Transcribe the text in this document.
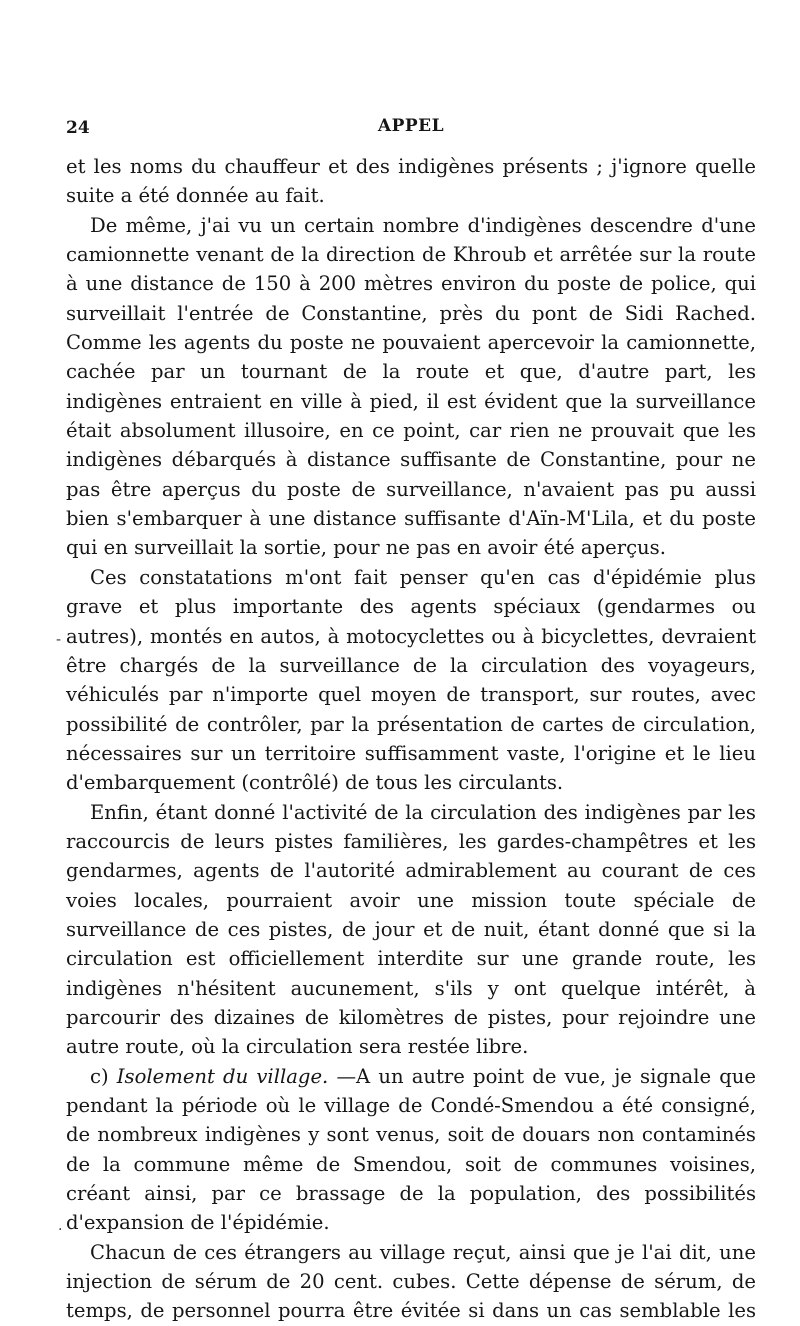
24	APPEL

et les noms du chauffeur et des indigènes présents ; j'ignore quelle suite a été donnée au fait.

De même, j'ai vu un certain nombre d'indigènes descendre d'une camionnette venant de la direction de Khroub et arrêtée sur la route à une distance de 150 à 200 mètres environ du poste de police, qui surveillait l'entrée de Constantine, près du pont de Sidi Rached. Comme les agents du poste ne pouvaient apercevoir la camionnette, cachée par un tournant de la route et que, d'autre part, les indigènes entraient en ville à pied, il est évident que la surveillance était absolument illusoire, en ce point, car rien ne prouvait que les indigènes débarqués à distance suffisante de Constantine, pour ne pas être aperçus du poste de surveillance, n'avaient pas pu aussi bien s'embarquer à une distance suffisante d'Aïn-M'Lila, et du poste qui en surveillait la sortie, pour ne pas en avoir été aperçus.

Ces constatations m'ont fait penser qu'en cas d'épidémie plus grave et plus importante des agents spéciaux (gendarmes ou autres), montés en autos, à motocyclettes ou à bicyclettes, devraient être chargés de la surveillance de la circulation des voyageurs, véhiculés par n'importe quel moyen de transport, sur routes, avec possibilité de contrôler, par la présentation de cartes de circulation, nécessaires sur un territoire suffisamment vaste, l'origine et le lieu d'embarquement (contrôlé) de tous les circulants.

Enfin, étant donné l'activité de la circulation des indigènes par les raccourcis de leurs pistes familières, les gardes-champêtres et les gendarmes, agents de l'autorité admirablement au courant de ces voies locales, pourraient avoir une mission toute spéciale de surveillance de ces pistes, de jour et de nuit, étant donné que si la circulation est officiellement interdite sur une grande route, les indigènes n'hésitent aucunement, s'ils y ont quelque intérêt, à parcourir des dizaines de kilomètres de pistes, pour rejoindre une autre route, où la circulation sera restée libre.

c) Isolement du village. —A un autre point de vue, je signale que pendant la période où le village de Condé-Smendou a été consigné, de nombreux indigènes y sont venus, soit de douars non contaminés de la commune même de Smendou, soit de communes voisines, créant ainsi, par ce brassage de la population, des possibilités d'expansion de l'épidémie.

Chacun de ces étrangers au village reçut, ainsi que je l'ai dit, une injection de sérum de 20 cent. cubes. Cette dépense de sérum, de temps, de personnel pourra être évitée si dans un cas semblable les

-
·
